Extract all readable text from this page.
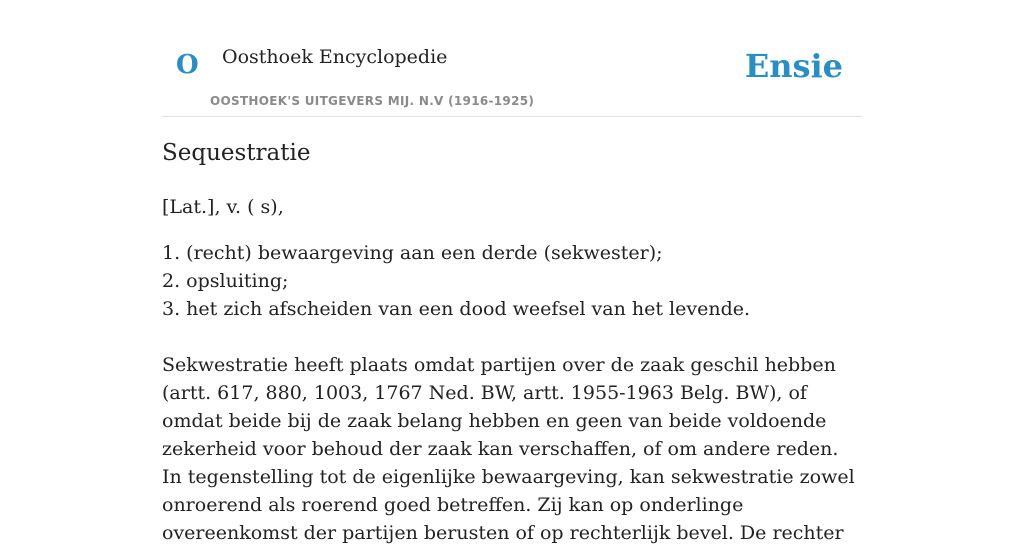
O Oosthoek Encyclopedie
OOSTHOEK'S UITGEVERS MIJ. N.V (1916-1925)
Ensie
Sequestratie
[Lat.], v. ( s),
1. (recht) bewaargeving aan een derde (sekwester);
2. opsluiting;
3. het zich afscheiden van een dood weefsel van het levende.

Sekwestratie heeft plaats omdat partijen over de zaak geschil hebben (artt. 617, 880, 1003, 1767 Ned. BW, artt. 1955-1963 Belg. BW), of omdat beide bij de zaak belang hebben en geen van beide voldoende zekerheid voor behoud der zaak kan verschaffen, of om andere reden. In tegenstelling tot de eigenlijke bewaargeving, kan sekwestratie zowel onroerend als roerend goed betreffen. Zij kan op onderlinge overeenkomst der partijen berusten of op rechterlijk bevel. De rechter
